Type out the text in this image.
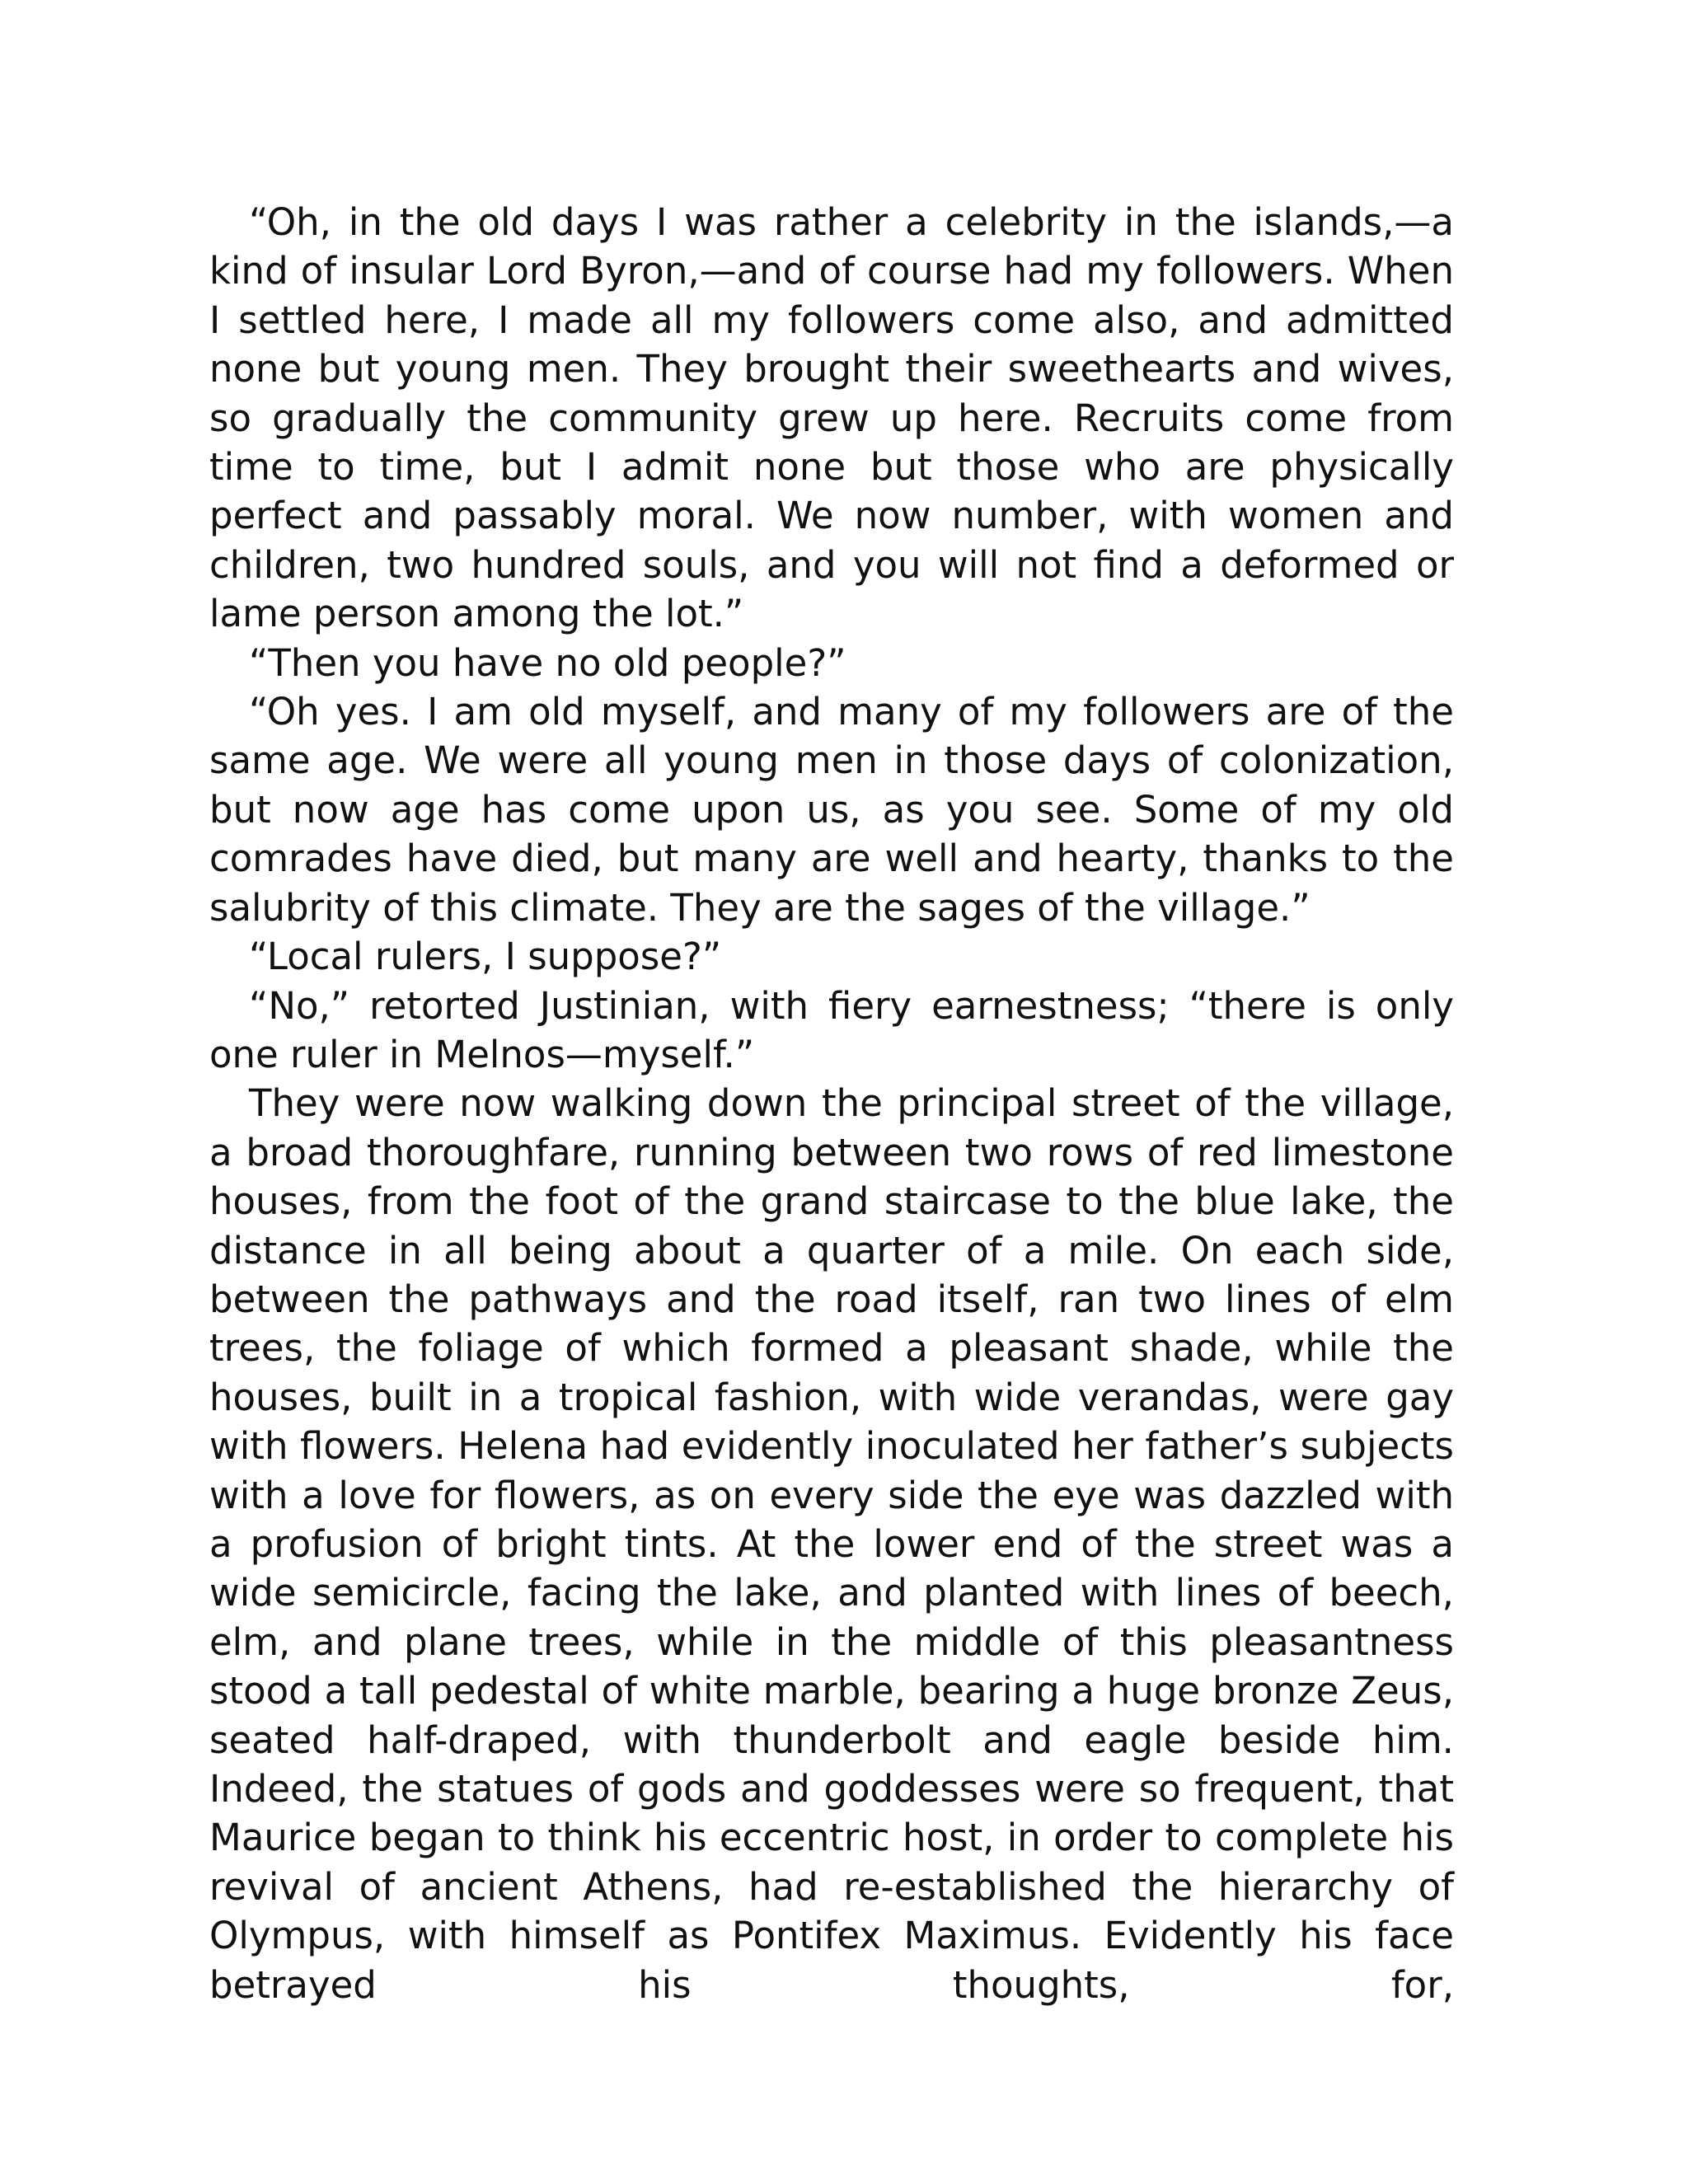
“Oh, in the old days I was rather a celebrity in the islands,—a kind of insular Lord Byron,—and of course had my followers. When I settled here, I made all my followers come also, and admitted none but young men. They brought their sweethearts and wives, so gradually the community grew up here. Recruits come from time to time, but I admit none but those who are physically perfect and passably moral. We now number, with women and children, two hundred souls, and you will not find a deformed or lame person among the lot.”

“Then you have no old people?”

“Oh yes. I am old myself, and many of my followers are of the same age. We were all young men in those days of colonization, but now age has come upon us, as you see. Some of my old comrades have died, but many are well and hearty, thanks to the salubrity of this climate. They are the sages of the village.”

“Local rulers, I suppose?”

“No,” retorted Justinian, with fiery earnestness; “there is only one ruler in Melnos—myself.”

They were now walking down the principal street of the village, a broad thoroughfare, running between two rows of red limestone houses, from the foot of the grand staircase to the blue lake, the distance in all being about a quarter of a mile. On each side, between the pathways and the road itself, ran two lines of elm trees, the foliage of which formed a pleasant shade, while the houses, built in a tropical fashion, with wide verandas, were gay with flowers. Helena had evidently inoculated her father’s subjects with a love for flowers, as on every side the eye was dazzled with a profusion of bright tints. At the lower end of the street was a wide semicircle, facing the lake, and planted with lines of beech, elm, and plane trees, while in the middle of this pleasantness stood a tall pedestal of white marble, bearing a huge bronze Zeus, seated half-draped, with thunderbolt and eagle beside him. Indeed, the statues of gods and goddesses were so frequent, that Maurice began to think his eccentric host, in order to complete his revival of ancient Athens, had re-established the hierarchy of Olympus, with himself as Pontifex Maximus. Evidently his face betrayed his thoughts, for,
